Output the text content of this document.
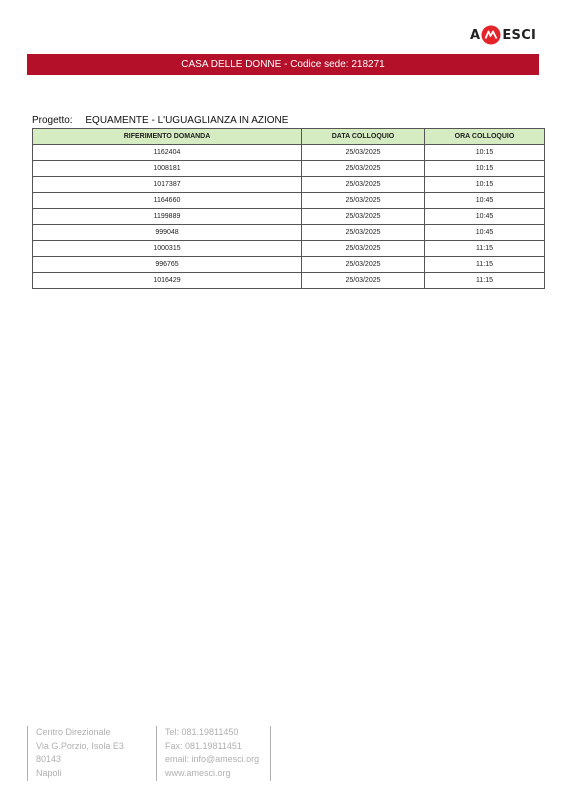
A ESCI
CASA DELLE DONNE - Codice sede: 218271
Progetto: EQUAMENTE - L'UGUAGLIANZA IN AZIONE
RIFERIMENTO DOMANDA	DATA COLLOQUIO	ORA COLLOQUIO
1162404	25/03/2025	10:15
1008181	25/03/2025	10:15
1017387	25/03/2025	10:15
1164660	25/03/2025	10:45
1199889	25/03/2025	10:45
999048	25/03/2025	10:45
1000315	25/03/2025	11:15
996765	25/03/2025	11:15
1016429	25/03/2025	11:15
Centro Direzionale
Via G.Porzio, Isola E3
80143
Napoli
Tel: 081.19811450
Fax: 081.19811451
email: info@amesci.org
www.amesci.org
